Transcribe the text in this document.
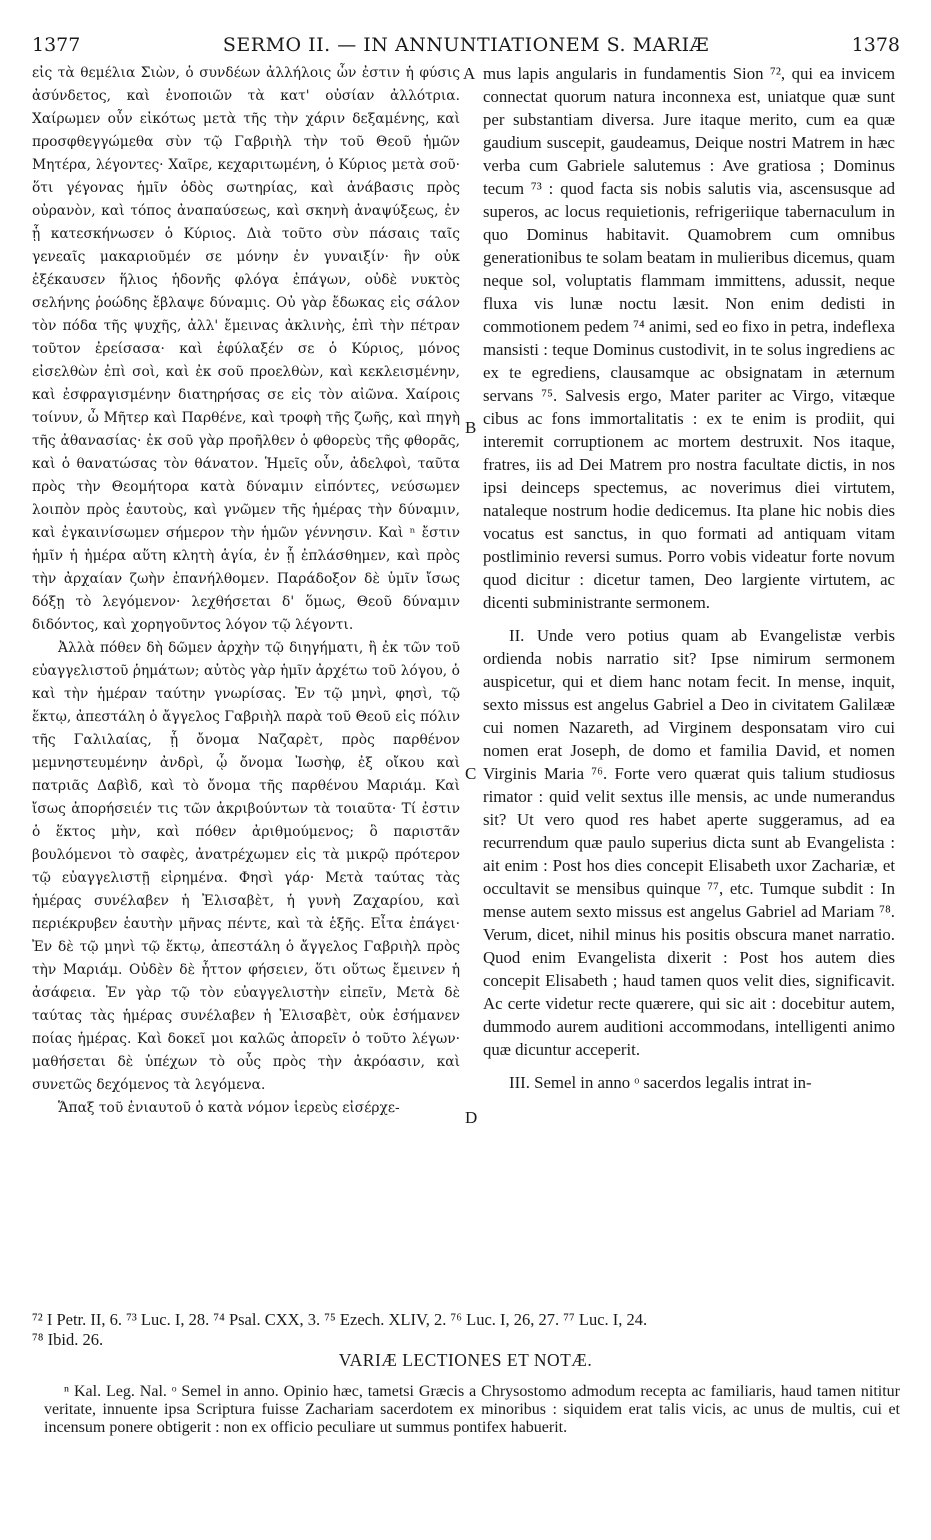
1377	SERMO II. — IN ANNUNTIATIONEM S. MARIÆ	1378

εἰς τὰ θεμέλια Σιὼν, ὁ συνδέων ἀλλήλοις ὧν ἐστιν ἡ φύσις ἀσύνδετος, καὶ ἑνοποιῶν τὰ κατ' οὐσίαν ἀλλότρια. Χαίρωμεν οὖν εἰκότως μετὰ τῆς τὴν χάριν δεξαμένης, καὶ προσφθεγγώμεθα σὺν τῷ Γαβριὴλ τὴν τοῦ Θεοῦ ἡμῶν Μητέρα, λέγοντες· Χαῖρε, κεχαριτωμένη, ὁ Κύριος μετὰ σοῦ· ὅτι γέγονας ἡμῖν ὁδὸς σωτηρίας, καὶ ἀνάβασις πρὸς οὐρανὸν, καὶ τόπος ἀναπαύσεως, καὶ σκηνὴ ἀναψύξεως, ἐν ᾗ κατεσκήνωσεν ὁ Κύριος. Διὰ τοῦτο σὺν πάσαις ταῖς γενεαῖς μακαριοῦμέν σε μόνην ἐν γυναιξίν· ἣν οὐκ ἐξέκαυσεν ἥλιος ἡδονῆς φλόγα ἐπάγων, οὐδὲ νυκτὸς σελήνης ῥοώδης ἔβλαψε δύναμις. Οὐ γὰρ ἔδωκας εἰς σάλον τὸν πόδα τῆς ψυχῆς, ἀλλ' ἔμεινας ἀκλινὴς, ἐπὶ τὴν πέτραν τοῦτον ἐρείσασα· καὶ ἐφύλαξέν σε ὁ Κύριος, μόνος εἰσελθὼν ἐπὶ σοὶ, καὶ ἐκ σοῦ προελθὼν, καὶ κεκλεισμένην, καὶ ἐσφραγισμένην διατηρήσας σε εἰς τὸν αἰῶνα. Χαίροις τοίνυν, ὦ Μῆτερ καὶ Παρθένε, καὶ τροφὴ τῆς ζωῆς, καὶ πηγὴ τῆς ἀθανασίας· ἐκ σοῦ γὰρ προῆλθεν ὁ φθορεὺς τῆς φθορᾶς, καὶ ὁ θανατώσας τὸν θάνατον. Ἡμεῖς οὖν, ἀδελφοὶ, ταῦτα πρὸς τὴν Θεομήτορα κατὰ δύναμιν εἰπόντες, νεύσωμεν λοιπὸν πρὸς ἑαυτοὺς, καὶ γνῶμεν τῆς ἡμέρας τὴν δύναμιν, καὶ ἐγκαινίσωμεν σήμερον τὴν ἡμῶν γέννησιν. Καὶ ⁿ ἔστιν ἡμῖν ἡ ἡμέρα αὕτη κλητὴ ἁγία, ἐν ᾗ ἐπλάσθημεν, καὶ πρὸς τὴν ἀρχαίαν ζωὴν ἐπανήλθομεν. Παράδοξον δὲ ὑμῖν ἴσως δόξῃ τὸ λεγόμενον· λεχθήσεται δ' ὅμως, Θεοῦ δύναμιν διδόντος, καὶ χορηγοῦντος λόγον τῷ λέγοντι.

Ἀλλὰ πόθεν δὴ δῶμεν ἀρχὴν τῷ διηγήματι, ἢ ἐκ τῶν τοῦ εὐαγγελιστοῦ ῥημάτων; αὐτὸς γὰρ ἡμῖν ἀρχέτω τοῦ λόγου, ὁ καὶ τὴν ἡμέραν ταύτην γνωρίσας. Ἐν τῷ μηνὶ, φησὶ, τῷ ἕκτῳ, ἀπεστάλη ὁ ἄγγελος Γαβριὴλ παρὰ τοῦ Θεοῦ εἰς πόλιν τῆς Γαλιλαίας, ᾗ ὄνομα Ναζαρὲτ, πρὸς παρθένον μεμνηστευμένην ἀνδρὶ, ᾧ ὄνομα Ἰωσὴφ, ἐξ οἴκου καὶ πατριᾶς Δαβὶδ, καὶ τὸ ὄνομα τῆς παρθένου Μαριάμ. Καὶ ἴσως ἀπορήσειέν τις τῶν ἀκριβούντων τὰ τοιαῦτα· Τί ἐστιν ὁ ἕκτος μὴν, καὶ πόθεν ἀριθμούμενος; ὃ παριστᾶν βουλόμενοι τὸ σαφὲς, ἀνατρέχωμεν εἰς τὰ μικρῷ πρότερον τῷ εὐαγγελιστῇ εἰρημένα. Φησὶ γάρ· Μετὰ ταύτας τὰς ἡμέρας συνέλαβεν ἡ Ἐλισαβὲτ, ἡ γυνὴ Ζαχαρίου, καὶ περιέκρυβεν ἑαυτὴν μῆνας πέντε, καὶ τὰ ἑξῆς. Εἶτα ἐπάγει· Ἐν δὲ τῷ μηνὶ τῷ ἕκτῳ, ἀπεστάλη ὁ ἄγγελος Γαβριὴλ πρὸς τὴν Μαριάμ. Οὐδὲν δὲ ἧττον φήσειεν, ὅτι οὕτως ἔμεινεν ἡ ἀσάφεια. Ἐν γὰρ τῷ τὸν εὐαγγελιστὴν εἰπεῖν, Μετὰ δὲ ταύτας τὰς ἡμέρας συνέλαβεν ἡ Ἐλισαβὲτ, οὐκ ἐσήμανεν ποίας ἡμέρας. Καὶ δοκεῖ μοι καλῶς ἀπορεῖν ὁ τοῦτο λέγων· μαθήσεται δὲ ὑπέχων τὸ οὖς πρὸς τὴν ἀκρόασιν, καὶ συνετῶς δεχόμενος τὰ λεγόμενα.

Ἅπαξ τοῦ ἐνιαυτοῦ ὁ κατὰ νόμον ἱερεὺς εἰσέρχε-

A
B
C
D

mus lapis angularis in fundamentis Sion ⁷², qui ea invicem connectat quorum natura inconnexa est, uniatque quæ sunt per substantiam diversa. Jure itaque merito, cum ea quæ gaudium suscepit, gaudeamus, Deique nostri Matrem in hæc verba cum Gabriele salutemus : Ave gratiosa ; Dominus tecum ⁷³ : quod facta sis nobis salutis via, ascensusque ad superos, ac locus requietionis, refrigeriique tabernaculum in quo Dominus habitavit. Quamobrem cum omnibus generationibus te solam beatam in mulieribus dicemus, quam neque sol, voluptatis flammam immittens, adussit, neque fluxa vis lunæ noctu læsit. Non enim dedisti in commotionem pedem ⁷⁴ animi, sed eo fixo in petra, indeflexa mansisti : teque Dominus custodivit, in te solus ingrediens ac ex te egrediens, clausamque ac obsignatam in æternum servans ⁷⁵. Salvesis ergo, Mater pariter ac Virgo, vitæque cibus ac fons immortalitatis : ex te enim is prodiit, qui interemit corruptionem ac mortem destruxit. Nos itaque, fratres, iis ad Dei Matrem pro nostra facultate dictis, in nos ipsi deinceps spectemus, ac noverimus diei virtutem, nataleque nostrum hodie dedicemus. Ita plane hic nobis dies vocatus est sanctus, in quo formati ad antiquam vitam postliminio reversi sumus. Porro vobis videatur forte novum quod dicitur : dicetur tamen, Deo largiente virtutem, ac dicenti subministrante sermonem.

II. Unde vero potius quam ab Evangelistæ verbis ordienda nobis narratio sit? Ipse nimirum sermonem auspicetur, qui et diem hanc notam fecit. In mense, inquit, sexto missus est angelus Gabriel a Deo in civitatem Galilææ cui nomen Nazareth, ad Virginem desponsatam viro cui nomen erat Joseph, de domo et familia David, et nomen Virginis Maria ⁷⁶. Forte vero quærat quis talium studiosus rimator : quid velit sextus ille mensis, ac unde numerandus sit? Ut vero quod res habet aperte suggeramus, ad ea recurrendum quæ paulo superius dicta sunt ab Evangelista : ait enim : Post hos dies concepit Elisabeth uxor Zachariæ, et occultavit se mensibus quinque ⁷⁷, etc. Tumque subdit : In mense autem sexto missus est angelus Gabriel ad Mariam ⁷⁸. Verum, dicet, nihil minus his positis obscura manet narratio. Quod enim Evangelista dixerit : Post hos autem dies concepit Elisabeth ; haud tamen quos velit dies, significavit. Ac certe videtur recte quærere, qui sic ait : docebitur autem, dummodo aurem auditioni accommodans, intelligenti animo quæ dicuntur acceperit.

III. Semel in anno ᵒ sacerdos legalis intrat in-

⁷² I Petr. II, 6. ⁷³ Luc. I, 28. ⁷⁴ Psal. CXX, 3. ⁷⁵ Ezech. XLIV, 2. ⁷⁶ Luc. I, 26, 27. ⁷⁷ Luc. I, 24.
⁷⁸ Ibid. 26.
VARIÆ LECTIONES ET NOTÆ.

ⁿ Kal. Leg. Nal. ᵒ Semel in anno. Opinio hæc, tametsi Græcis a Chrysostomo admodum recepta ac familiaris, haud tamen nititur veritate, innuente ipsa Scriptura fuisse Zachariam sacerdotem ex minoribus : siquidem erat talis vicis, ac unus de multis, cui et incensum ponere obtigerit : non ex officio peculiare ut summus pontifex habuerit.
